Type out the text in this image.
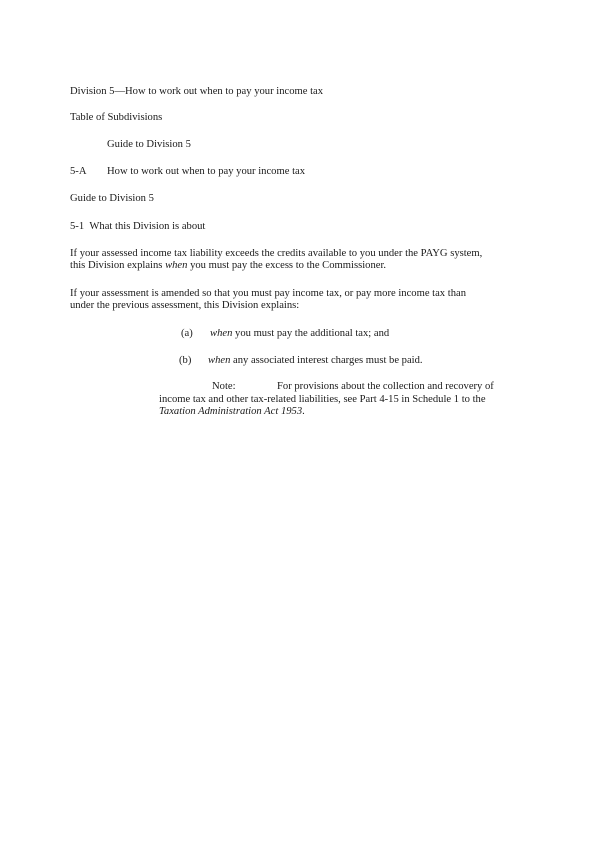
Division 5—How to work out when to pay your income tax
Table of Subdivisions
Guide to Division 5
5-A How to work out when to pay your income tax
Guide to Division 5
5-1 What this Division is about
If your assessed income tax liability exceeds the credits available to you under the PAYG system,
this Division explains when you must pay the excess to the Commissioner.
If your assessment is amended so that you must pay income tax, or pay more income tax than
under the previous assessment, this Division explains:
(a) when you must pay the additional tax; and
(b) when any associated interest charges must be paid.
Note:	For provisions about the collection and recovery of
income tax and other tax-related liabilities, see Part 4-15 in Schedule 1 to the
Taxation Administration Act 1953.
